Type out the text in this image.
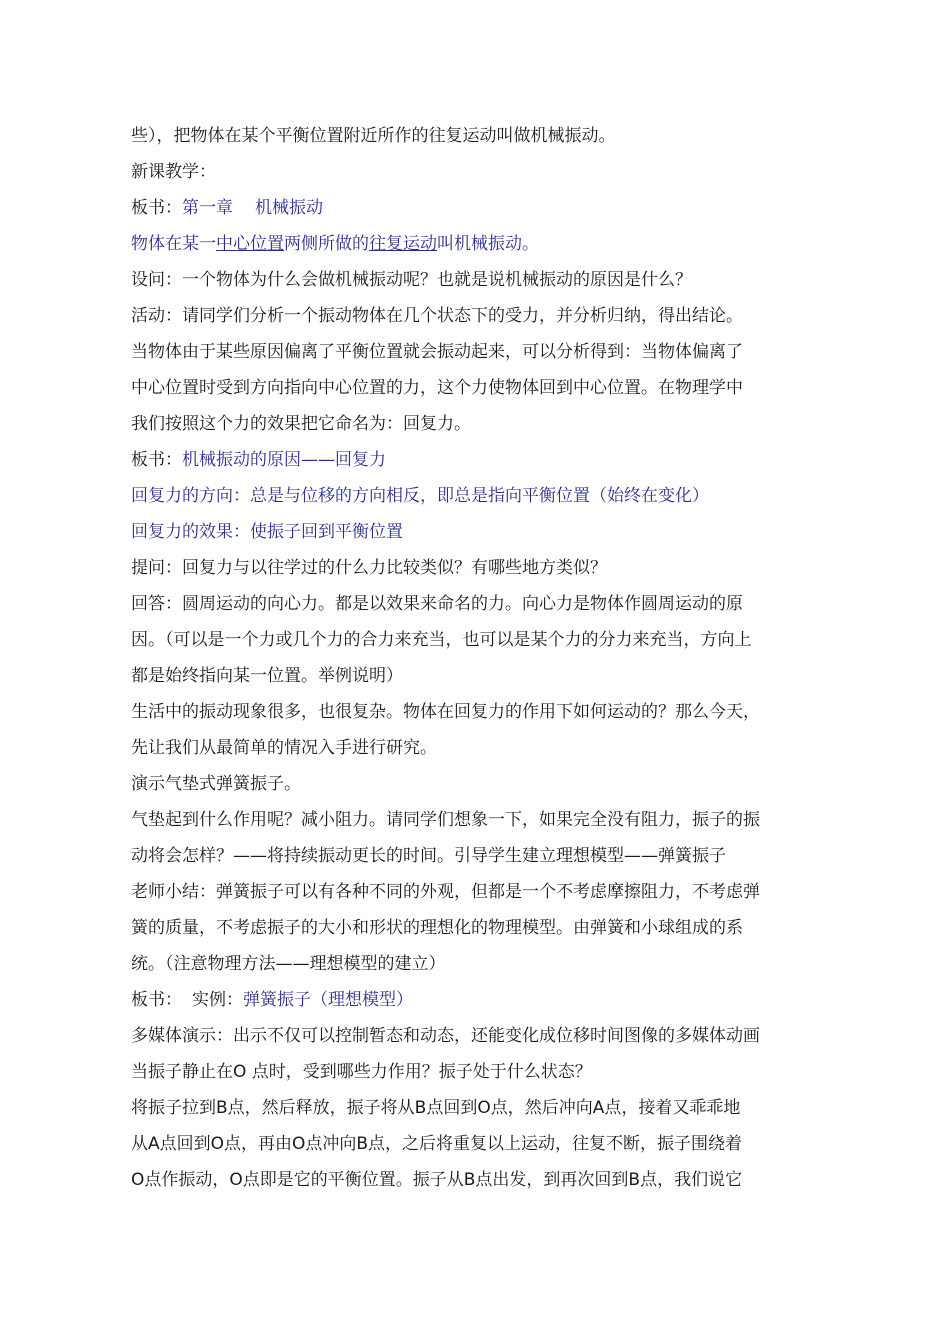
些），把物体在某个平衡位置附近所作的往复运动叫做机械振动。
新课教学：
板书：第一章 机械振动
物体在某一中心位置两侧所做的往复运动叫机械振动。
设问：一个物体为什么会做机械振动呢？也就是说机械振动的原因是什么？
活动：请同学们分析一个振动物体在几个状态下的受力，并分析归纳，得出结论。
当物体由于某些原因偏离了平衡位置就会振动起来，可以分析得到：当物体偏离了
中心位置时受到方向指向中心位置的力，这个力使物体回到中心位置。在物理学中
我们按照这个力的效果把它命名为：回复力。
板书：机械振动的原因——回复力
回复力的方向：总是与位移的方向相反，即总是指向平衡位置（始终在变化）
回复力的效果：使振子回到平衡位置
提问：回复力与以往学过的什么力比较类似？有哪些地方类似？
回答：圆周运动的向心力。都是以效果来命名的力。向心力是物体作圆周运动的原
因。（可以是一个力或几个力的合力来充当，也可以是某个力的分力来充当，方向上
都是始终指向某一位置。举例说明）
生活中的振动现象很多，也很复杂。物体在回复力的作用下如何运动的？那么今天，
先让我们从最简单的情况入手进行研究。
演示气垫式弹簧振子。
气垫起到什么作用呢？减小阻力。请同学们想象一下，如果完全没有阻力，振子的振
动将会怎样？——将持续振动更长的时间。引导学生建立理想模型——弹簧振子
老师小结：弹簧振子可以有各种不同的外观，但都是一个不考虑摩擦阻力，不考虑弹
簧的质量，不考虑振子的大小和形状的理想化的物理模型。由弹簧和小球组成的系
统。（注意物理方法——理想模型的建立）
板书： 实例：弹簧振子（理想模型）
多媒体演示：出示不仅可以控制暂态和动态，还能变化成位移时间图像的多媒体动画
当振子静止在O 点时，受到哪些力作用？振子处于什么状态？
将振子拉到B点，然后释放，振子将从B点回到O点，然后冲向A点，接着又乖乖地
从A点回到O点，再由O点冲向B点，之后将重复以上运动，往复不断，振子围绕着
O点作振动，O点即是它的平衡位置。振子从B点出发，到再次回到B点，我们说它
